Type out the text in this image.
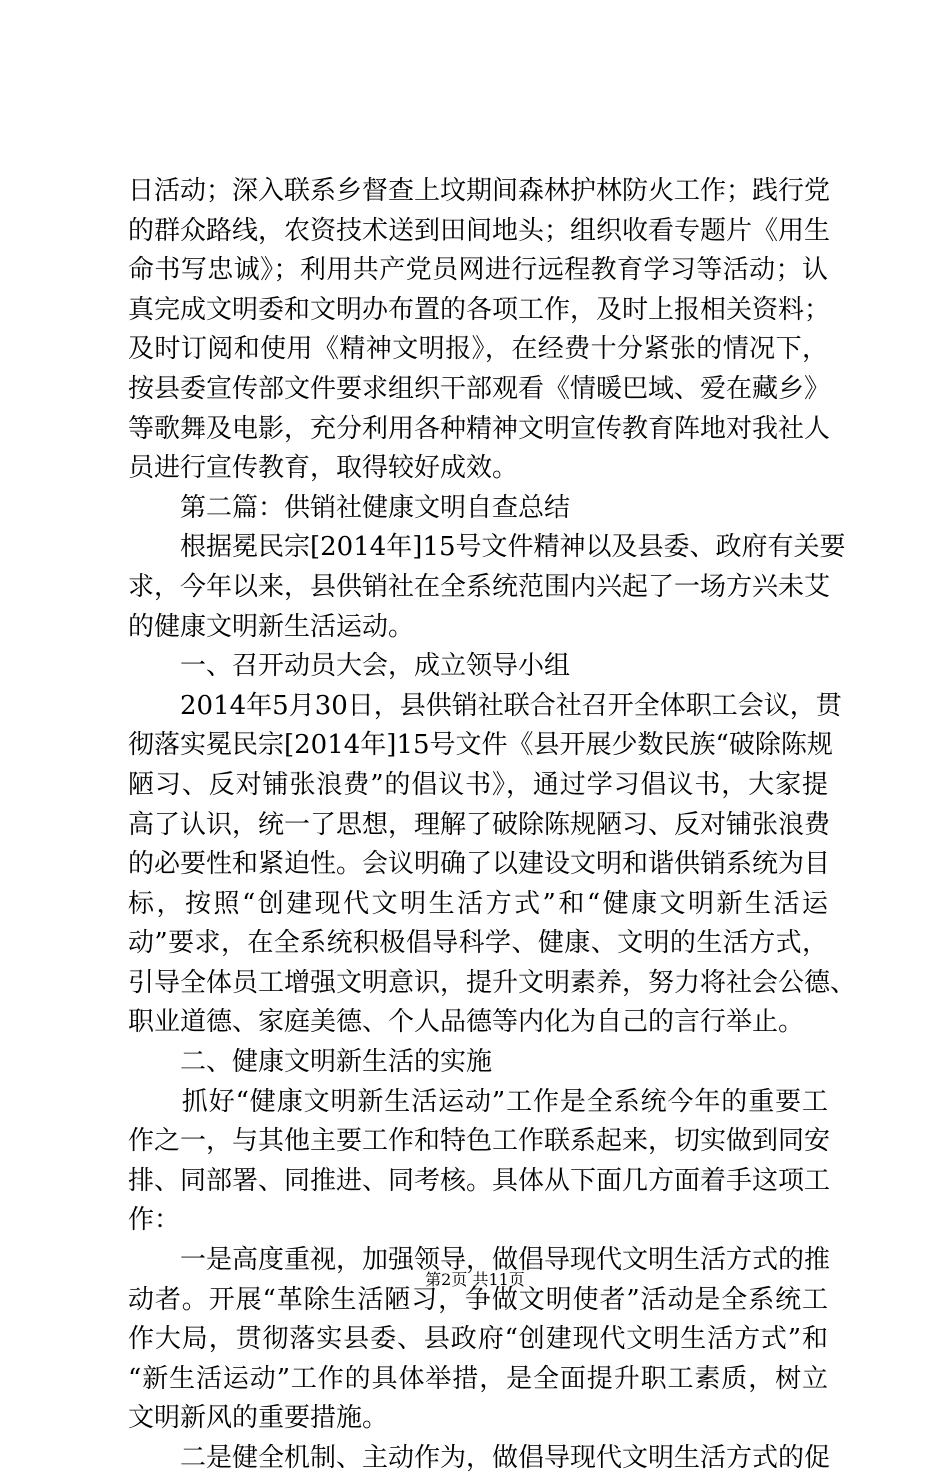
日活动；深入联系乡督查上坟期间森林护林防火工作；践行党
的群众路线，农资技术送到田间地头；组织收看专题片《用生
命书写忠诚》；利用共产党员网进行远程教育学习等活动；认
真完成文明委和文明办布置的各项工作，及时上报相关资料；
及时订阅和使用《精神文明报》，在经费十分紧张的情况下，
按县委宣传部文件要求组织干部观看《情暖巴域、爱在藏乡》
等歌舞及电影，充分利用各种精神文明宣传教育阵地对我社人
员进行宣传教育，取得较好成效。
　　第二篇：供销社健康文明自查总结
　　根据冕民宗[2014年]15号文件精神以及县委、政府有关要
求，今年以来，县供销社在全系统范围内兴起了一场方兴未艾
的健康文明新生活运动。
　　一、召开动员大会，成立领导小组
　　2014年5月30日，县供销社联合社召开全体职工会议，贯
彻落实冕民宗[2014年]15号文件《县开展少数民族“破除陈规
陋习、反对铺张浪费”的倡议书》，通过学习倡议书，大家提
高了认识，统一了思想，理解了破除陈规陋习、反对铺张浪费
的必要性和紧迫性。会议明确了以建设文明和谐供销系统为目
标，按照“创建现代文明生活方式”和“健康文明新生活运
动”要求，在全系统积极倡导科学、健康、文明的生活方式，
引导全体员工增强文明意识，提升文明素养，努力将社会公德、
职业道德、家庭美德、个人品德等内化为自己的言行举止。
　　二、健康文明新生活的实施
　　抓好“健康文明新生活运动”工作是全系统今年的重要工
作之一，与其他主要工作和特色工作联系起来，切实做到同安
排、同部署、同推进、同考核。具体从下面几方面着手这项工
作：
　　一是高度重视，加强领导，做倡导现代文明生活方式的推
动者。开展“革除生活陋习，争做文明使者”活动是全系统工
作大局，贯彻落实县委、县政府“创建现代文明生活方式”和
“新生活运动”工作的具体举措，是全面提升职工素质，树立
文明新风的重要措施。
　　二是健全机制、主动作为，做倡导现代文明生活方式的促
第2页 共11页
